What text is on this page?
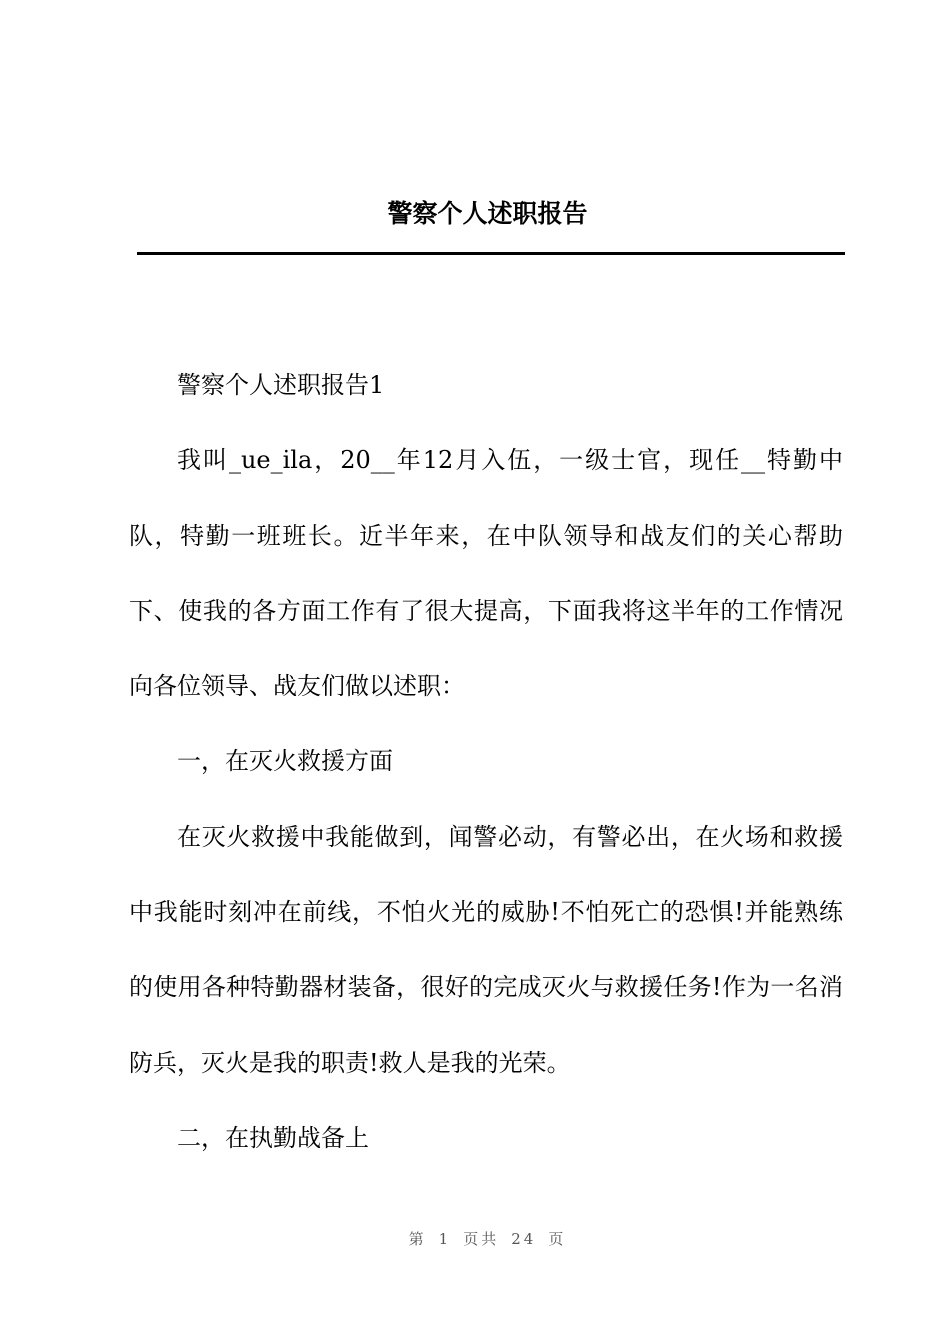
警察个人述职报告

警察个人述职报告1

我叫_ue_ila，20__年12月入伍，一级士官，现任__特勤中队，特勤一班班长。近半年来，在中队领导和战友们的关心帮助下、使我的各方面工作有了很大提高，下面我将这半年的工作情况向各位领导、战友们做以述职：

一，在灭火救援方面

在灭火救援中我能做到，闻警必动，有警必出，在火场和救援中我能时刻冲在前线，不怕火光的威胁!不怕死亡的恐惧!并能熟练的使用各种特勤器材装备，很好的完成灭火与救援任务!作为一名消防兵，灭火是我的职责!救人是我的光荣。

二，在执勤战备上

第 1 页共 24 页
